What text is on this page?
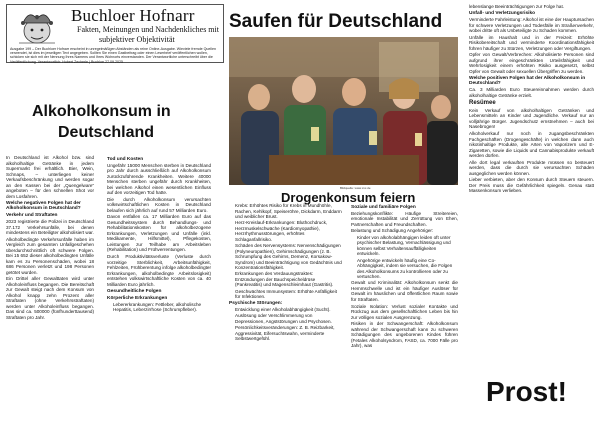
Buchloer Hofnarr
Fakten, Meinungen und Nachdenkliches mit
subjektiver Objektivität
Ausgabe 199 – Der Buchloer Hofnarr erscheint in unregelmäßigen Abständen als reine Online-Ausgabe. Wieviele fremde Quellen verwendet, ist dies im jeweiligen Text angegeben. Sollten Sie einen Gastbeitrag oder einen Leserbrief veröffentlichen wollen, schicken sie sich mit der Nennung Ihres Namens und Ihres Wohnorts einverstanden. Der Verantwortliche unterschreibt über die Veröffentlichung. Verantwortlich: Hubert Zecherle | Buchloe 27.09.2025
Alkoholkonsum in
Deutschland
Saufen für Deutschland
Bildquelle: www.xxx.de
Drogenkonsum feiern

In Deutschland ist Alkohol bzw. sind alkoholhaltige Getränke in jedem Supermarkt frei erhältlich. Bier, Wein, Schnaps, – unterliegen keiner Verkaufsbeschränkung und werden sogar an den Kassen bei der „Quengelware“ angeboten – für den schnellen Shot vor dem Losfahren.

Welche negativen Folgen hat der Alkoholkonsum in Deutschland?
Verkehr und Straftaten

2023 registrierte die Polizei in Deutschland 37.172 Verkehrsunfälle, bei denen mindestens ein Beteiligter alkoholisiert war.

Alkoholbedingte Verkehrsunfälle haben im Vergleich zum gesamten Unfallgeschehen überdurchschnittlich oft schwere Folgen. Bei 15 652 dieser alkoholbedingten Unfälle kam es zu Personenschäden, wobei 18 686 Personen verletzt und 198 Personen getötet wurden.

Ein Drittel aller Gewalttaten wird unter Alkoholeinfluss begangen. Die Bereitschaft zur Gewalt steigt nach dem Konsum von Alkohol knapp zehn Prozent aller Straftaten (ohne Verkehrsstraftaten) werden unter Alkoholeinfluss begangen. Das sind ca. 500000 (fünfhunderttausend) Straftaten pro Jahr.

Tod und Kosten

Ungefähr 15000 Menschen sterben in Deutschland pro Jahr durch ausschließlich auf Alkoholkonsum zurückzuführende Krankheiten. Weitere 40000 Menschen sterben ungefähr durch Krankheiten, bei welchen Alkohol einen wesentlichen Einfluss auf den vorzeitigen Tod hatte.

Die durch Alkoholkonsum verursachten volkswirtschaftlichen Kosten in Deutschland belaufen sich jährlich auf rund 57 Milliarden Euro.

Davon entfallen ca. 17 Milliarden Euro auf das Gesundheitssystem durch Behandlungs- und Rehabilitationskosten für alkoholbezogene Erkrankungen, Verletzungen und Unfälle (inkl. Medikamente, Hilfsmittel), Pflegekosten, Leistungen zur Teilhabe am Arbeitsleben (Rehabilitation) und Frühverrentungen.

Durch Produktivitätsverluste (Verluste durch vorzeitige Sterblichkeit, Arbeitsunfähigkeit, Fehlzeiten, Frühberentung infolge alkoholbedingter Erkrankungen, alkoholbedingte Arbeitslosigkeit) entstehen volkswirtschaftliche Kosten von ca. 40 Milliarden Euro jährlich.

Gesundheitliche Folgen
Körperliche Erkrankungen
• Lebererkrankungen: Fettleber, alkoholische Hepatitis, Leberzirrhose (Schrumpfleber).
• Krebs: Erhöhtes Risiko für Krebs in Mundhöhle, Rachen, Kehlkopf, Speiseröhre, Dickdarm, Enddarm und weiblicher Brust.
• Herz-Kreislauf-Erkrankungen: Bluthochdruck, Herzmuskelschwäche (Kardiomyopathie), Herzrhythmusstörungen, erhöhtes Schlaganfallrisiko.
• Schäden des Nervensystems: Nervenschädigungen (Polyneuropathien), Gehirnschädigungen (z. B. Schrumpfung des Gehirns, Demenz, Korsakow-Syndrom) und Beeinträchtigung von Gedächtnis und Konzentrationsfähigkeit.
• Erkrankungen des Verdauungstraktes: Entzündungen der Bauchspeicheldrüse (Pankreatitis) und Magenschleimhaut (Gastritis).
• Geschwächtes Immunsystem: Erhöhte Anfälligkeit für Infektionen.
Psychische Störungen:
• Entwicklung einer Alkoholabhängigkeit (Sucht).
• Auslösung oder Verschlimmerung von Depressionen, Angststörungen und Psychosen.
• Persönlichkeitsveränderungen: Z. B. Reizbarkeit, Aggressivität, Eifersuchtswahn, verminderte Selbstwertgefühl.
Soziale und familiäre Folgen

Beziehungskonflikte: Häufige Streitereien, emotionale Instabilität und Zerrüttung von Ehen, Partnerschaften und Freundschaften.

Belastung und Schädigung Angehöriger:

• Kinder von alkoholabhängigen leiden oft unter psychischer Belastung, Vernachlässigung und können selbst Verhaltensauffälligkeiten entwickeln.
• Angehörige entwickeln häufig eine Co-Abhängigkeit, indem sie versuchen, die Folgen des Alkoholkonsums zu kontrollieren oder zu vertuschen.

Gewalt und Kriminalität: Alkoholkonsum senkt die Hemmschwelle und ist ein häufiger Auslöser für Gewalt im häuslichen und öffentlichen Raum sowie für Straftaten.

Soziale Isolation: Verlust sozialer Kontakte und Rückzug aus dem gesellschaftlichen Leben bis hin zur völligen sozialen Ausgrenzung.

Risiken in der Schwangerschaft: Alkoholkonsum während der Schwangerschaft kann zu schweren Schädigungen des ungeborenen Kindes führen (Fetales Alkoholsyndrom, FASD, ca. 7000 Fälle pro Jahr), was

lebenslange Beeinträchtigungen zur Folge hat.

Unfall- und Verletzungsrisiko

Verminderte Fahrleistung: Alkohol ist eine der Hauptursachen für schwere Verletzungen und Todesfälle im Straßenverkehr, wobei dritte oft als Unbeteiligte zu Schaden kommen.

Unfälle im Haushalt und in der Freizeit: Erhöhte Risikobereitschaft und verminderte Koordinationsfähigkeit führen häufiger zu Stürzen, Verletzungen oder Vergiftungen.

Opfer von Gewalt/Verbrechen: Alkoholisierte Personen sind aufgrund ihrer eingeschränkten Urteilsfähigkeit und Wehrlosigkeit einem erhöhten Risiko ausgesetzt, selbst Opfer von Gewalt oder sexuellen Übergriffen zu werden.

Welche positiven Folgen hat der Alkoholkonsum in Deutschland?

Ca. 3 Milliarden Euro Steuereinnahmen werden durch alkoholhaltige Getränke erzielt.

Resümee

Kein Verkauf von alkoholhaltigen Getränken und Lebensmitteln an Kinder und Jugendliche. Verkauf nur an volljährige Bürger. Jugendschutz ernstnehmen – auch bei Nasebrogen!

Alkoholverkauf nur noch in zugangsbeschränkten Fachgeschäften (Drogengeschäfte) in welchen dann auch nikotinhaltige Produkte, alle Arten von Vaporizern und E-Zigaretten, sowie die Liquids und Cannabisprodukte verkauft werden dürfen.

Alle dort legal verkauften Produkte müssen so besteuert werden, dass die durch sie verursachten Schäden ausgeglichen werden können.

Lieber verbieten, aber den Konsum durch Steuern steuern. Der Preis muss die Gefährlichkeit spiegeln. Genau statt Massenkonsum verlieben.

Prost!
